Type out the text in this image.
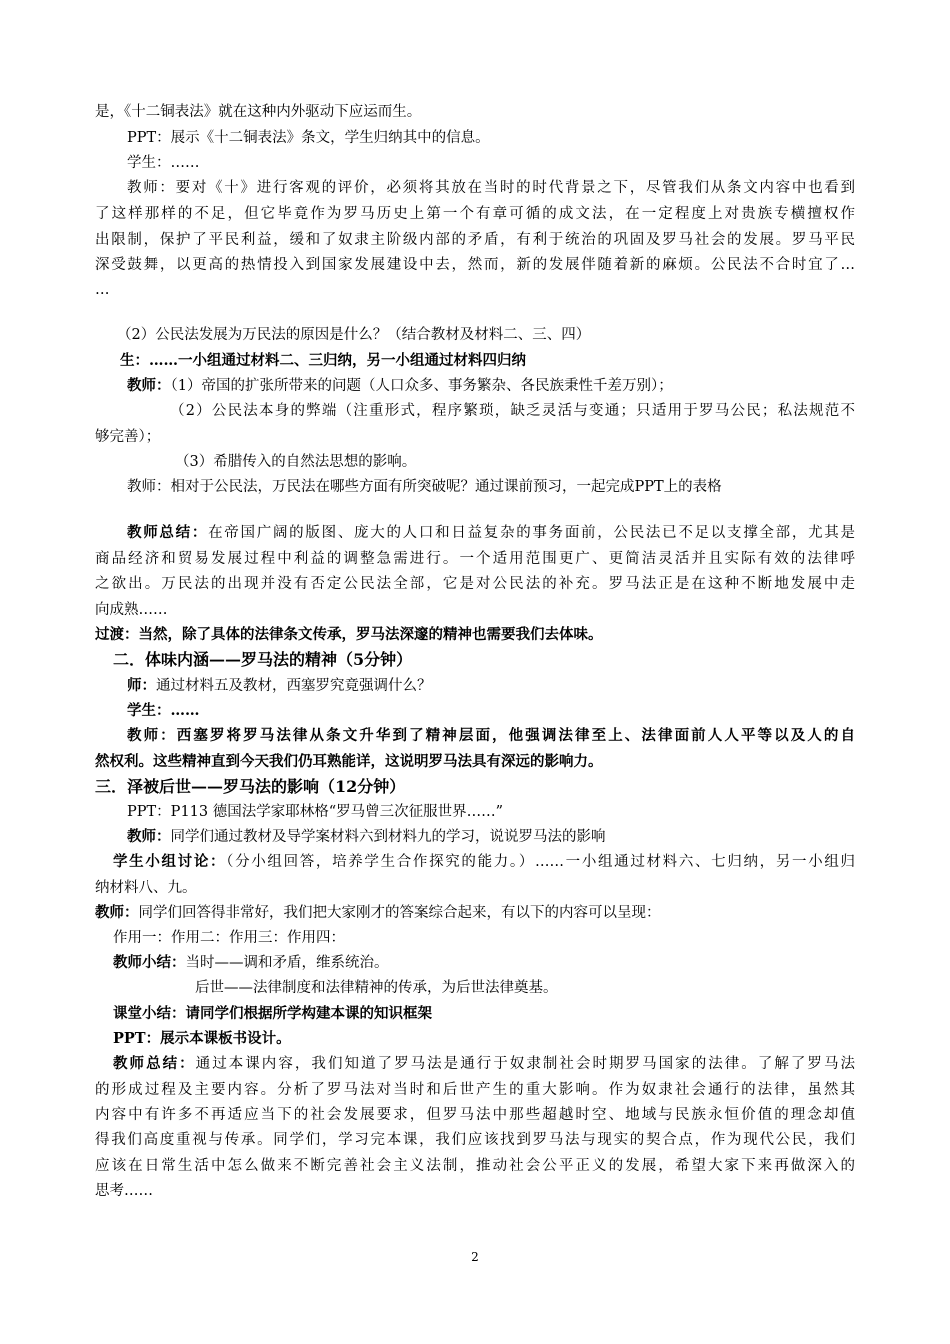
是，《十二铜表法》就在这种内外驱动下应运而生。
PPT：展示《十二铜表法》条文，学生归纳其中的信息。
学生：……
教师：要对《十》进行客观的评价，必须将其放在当时的时代背景之下，尽管我们从条文内容中也看到
了这样那样的不足，但它毕竟作为罗马历史上第一个有章可循的成文法，在一定程度上对贵族专横擅权作
出限制，保护了平民利益，缓和了奴隶主阶级内部的矛盾，有利于统治的巩固及罗马社会的发展。罗马平民
深受鼓舞，以更高的热情投入到国家发展建设中去，然而，新的发展伴随着新的麻烦。公民法不合时宜了…
…
（2）公民法发展为万民法的原因是什么？（结合教材及材料二、三、四）
生：……一小组通过材料二、三归纳，另一小组通过材料四归纳
教师：（1）帝国的扩张所带来的问题（人口众多、事务繁杂、各民族秉性千差万别）；
（2）公民法本身的弊端（注重形式，程序繁琐，缺乏灵活与变通；只适用于罗马公民；私法规范不
够完善）；
（3）希腊传入的自然法思想的影响。
教师：相对于公民法，万民法在哪些方面有所突破呢？通过课前预习，一起完成PPT上的表格
教师总结：在帝国广阔的版图、庞大的人口和日益复杂的事务面前，公民法已不足以支撑全部，尤其是
商品经济和贸易发展过程中利益的调整急需进行。一个适用范围更广、更简洁灵活并且实际有效的法律呼
之欲出。万民法的出现并没有否定公民法全部，它是对公民法的补充。罗马法正是在这种不断地发展中走
向成熟……
过渡：当然，除了具体的法律条文传承，罗马法深邃的精神也需要我们去体味。
二．体味内涵——罗马法的精神（5分钟）
师：通过材料五及教材，西塞罗究竟强调什么？
学生：……
教师：西塞罗将罗马法律从条文升华到了精神层面，他强调法律至上、法律面前人人平等以及人的自
然权利。这些精神直到今天我们仍耳熟能详，这说明罗马法具有深远的影响力。
三．泽被后世——罗马法的影响（12分钟）
PPT：P113 德国法学家耶林格“罗马曾三次征服世界……”
教师：同学们通过教材及导学案材料六到材料九的学习，说说罗马法的影响
学生小组讨论：（分小组回答，培养学生合作探究的能力。）……一小组通过材料六、七归纳，另一小组归
纳材料八、九。
教师：同学们回答得非常好，我们把大家刚才的答案综合起来，有以下的内容可以呈现：
作用一：作用二：作用三：作用四：
教师小结：当时——调和矛盾，维系统治。
后世——法律制度和法律精神的传承，为后世法律奠基。
课堂小结：请同学们根据所学构建本课的知识框架
PPT：展示本课板书设计。
教师总结：通过本课内容，我们知道了罗马法是通行于奴隶制社会时期罗马国家的法律。了解了罗马法
的形成过程及主要内容。分析了罗马法对当时和后世产生的重大影响。作为奴隶社会通行的法律，虽然其
内容中有许多不再适应当下的社会发展要求，但罗马法中那些超越时空、地域与民族永恒价值的理念却值
得我们高度重视与传承。同学们，学习完本课，我们应该找到罗马法与现实的契合点，作为现代公民，我们
应该在日常生活中怎么做来不断完善社会主义法制，推动社会公平正义的发展，希望大家下来再做深入的
思考……
2
